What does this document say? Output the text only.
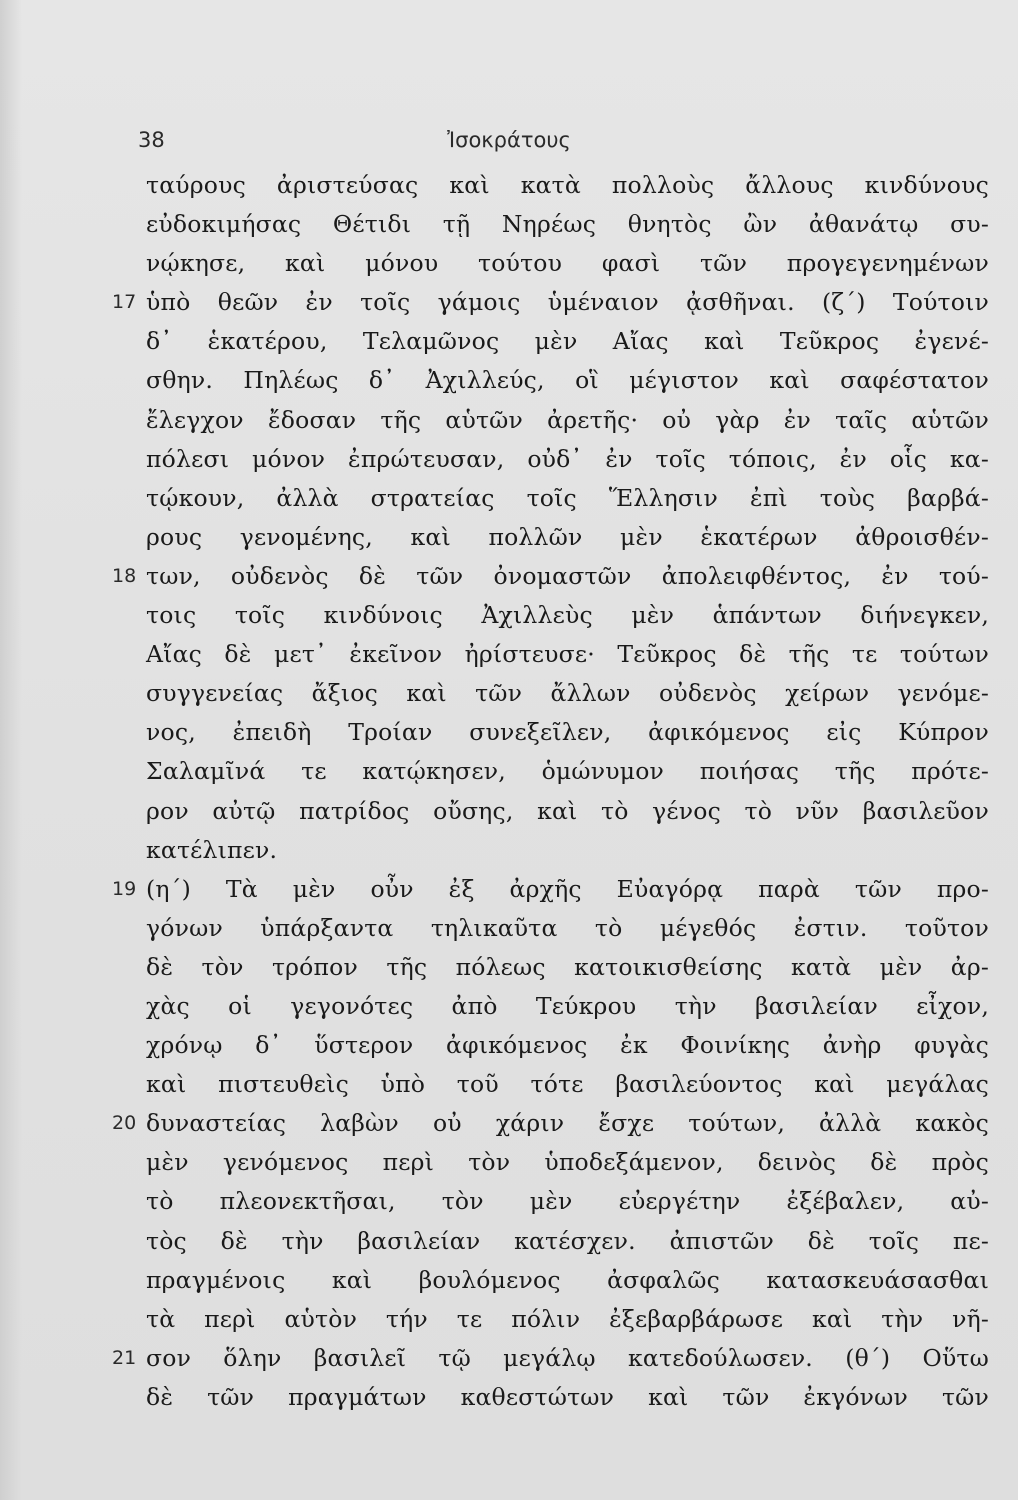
38	Ἰσοκράτους
ταύρους ἀριστεύσας καὶ κατὰ πολλοὺς ἄλλους κινδύνους
εὐδοκιμήσας Θέτιδι τῇ Νηρέως θνητὸς ὢν ἀθανάτῳ συ-
νῴκησε, καὶ μόνου τούτου φασὶ τῶν προγεγενημένων
17 ὑπὸ θεῶν ἐν τοῖς γάμοις ὑμέναιον ᾀσθῆναι. (ζ΄) Τούτοιν
δ᾽ ἑκατέρου, Τελαμῶνος μὲν Αἴας καὶ Τεῦκρος ἐγενέ-
σθην. Πηλέως δ᾽ Ἀχιλλεύς, οἳ μέγιστον καὶ σαφέστατον
ἔλεγχον ἔδοσαν τῆς αὑτῶν ἀρετῆς· οὐ γὰρ ἐν ταῖς αὑτῶν
πόλεσι μόνον ἐπρώτευσαν, οὐδ᾽ ἐν τοῖς τόποις, ἐν οἷς κα-
τῴκουν, ἀλλὰ στρατείας τοῖς Ἕλλησιν ἐπὶ τοὺς βαρβά-
ρους γενομένης, καὶ πολλῶν μὲν ἑκατέρων ἀθροισθέν-
18 των, οὐδενὸς δὲ τῶν ὀνομαστῶν ἀπολειφθέντος, ἐν τού-
τοις τοῖς κινδύνοις Ἀχιλλεὺς μὲν ἁπάντων διήνεγκεν,
Αἴας δὲ μετ᾽ ἐκεῖνον ἠρίστευσε· Τεῦκρος δὲ τῆς τε τούτων
συγγενείας ἄξιος καὶ τῶν ἄλλων οὐδενὸς χείρων γενόμε-
νος, ἐπειδὴ Τροίαν συνεξεῖλεν, ἀφικόμενος εἰς Κύπρον
Σαλαμῖνά τε κατῴκησεν, ὁμώνυμον ποιήσας τῆς πρότε-
ρον αὐτῷ πατρίδος οὔσης, καὶ τὸ γένος τὸ νῦν βασιλεῦον
κατέλιπεν.
19 (η΄) Τὰ μὲν οὖν ἐξ ἀρχῆς Εὐαγόρᾳ παρὰ τῶν προ-
γόνων ὑπάρξαντα τηλικαῦτα τὸ μέγεθός ἐστιν. τοῦτον
δὲ τὸν τρόπον τῆς πόλεως κατοικισθείσης κατὰ μὲν ἀρ-
χὰς οἱ γεγονότες ἀπὸ Τεύκρου τὴν βασιλείαν εἶχον,
χρόνῳ δ᾽ ὕστερον ἀφικόμενος ἐκ Φοινίκης ἀνὴρ φυγὰς
καὶ πιστευθεὶς ὑπὸ τοῦ τότε βασιλεύοντος καὶ μεγάλας
20 δυναστείας λαβὼν οὐ χάριν ἔσχε τούτων, ἀλλὰ κακὸς
μὲν γενόμενος περὶ τὸν ὑποδεξάμενον, δεινὸς δὲ πρὸς
τὸ πλεονεκτῆσαι, τὸν μὲν εὐεργέτην ἐξέβαλεν, αὐ-
τὸς δὲ τὴν βασιλείαν κατέσχεν. ἀπιστῶν δὲ τοῖς πε-
πραγμένοις καὶ βουλόμενος ἀσφαλῶς κατασκευάσασθαι
τὰ περὶ αὑτὸν τήν τε πόλιν ἐξεβαρβάρωσε καὶ τὴν νῆ-
21 σον ὅλην βασιλεῖ τῷ μεγάλῳ κατεδούλωσεν. (θ΄) Οὕτω
δὲ τῶν πραγμάτων καθεστώτων καὶ τῶν ἐκγόνων τῶν
